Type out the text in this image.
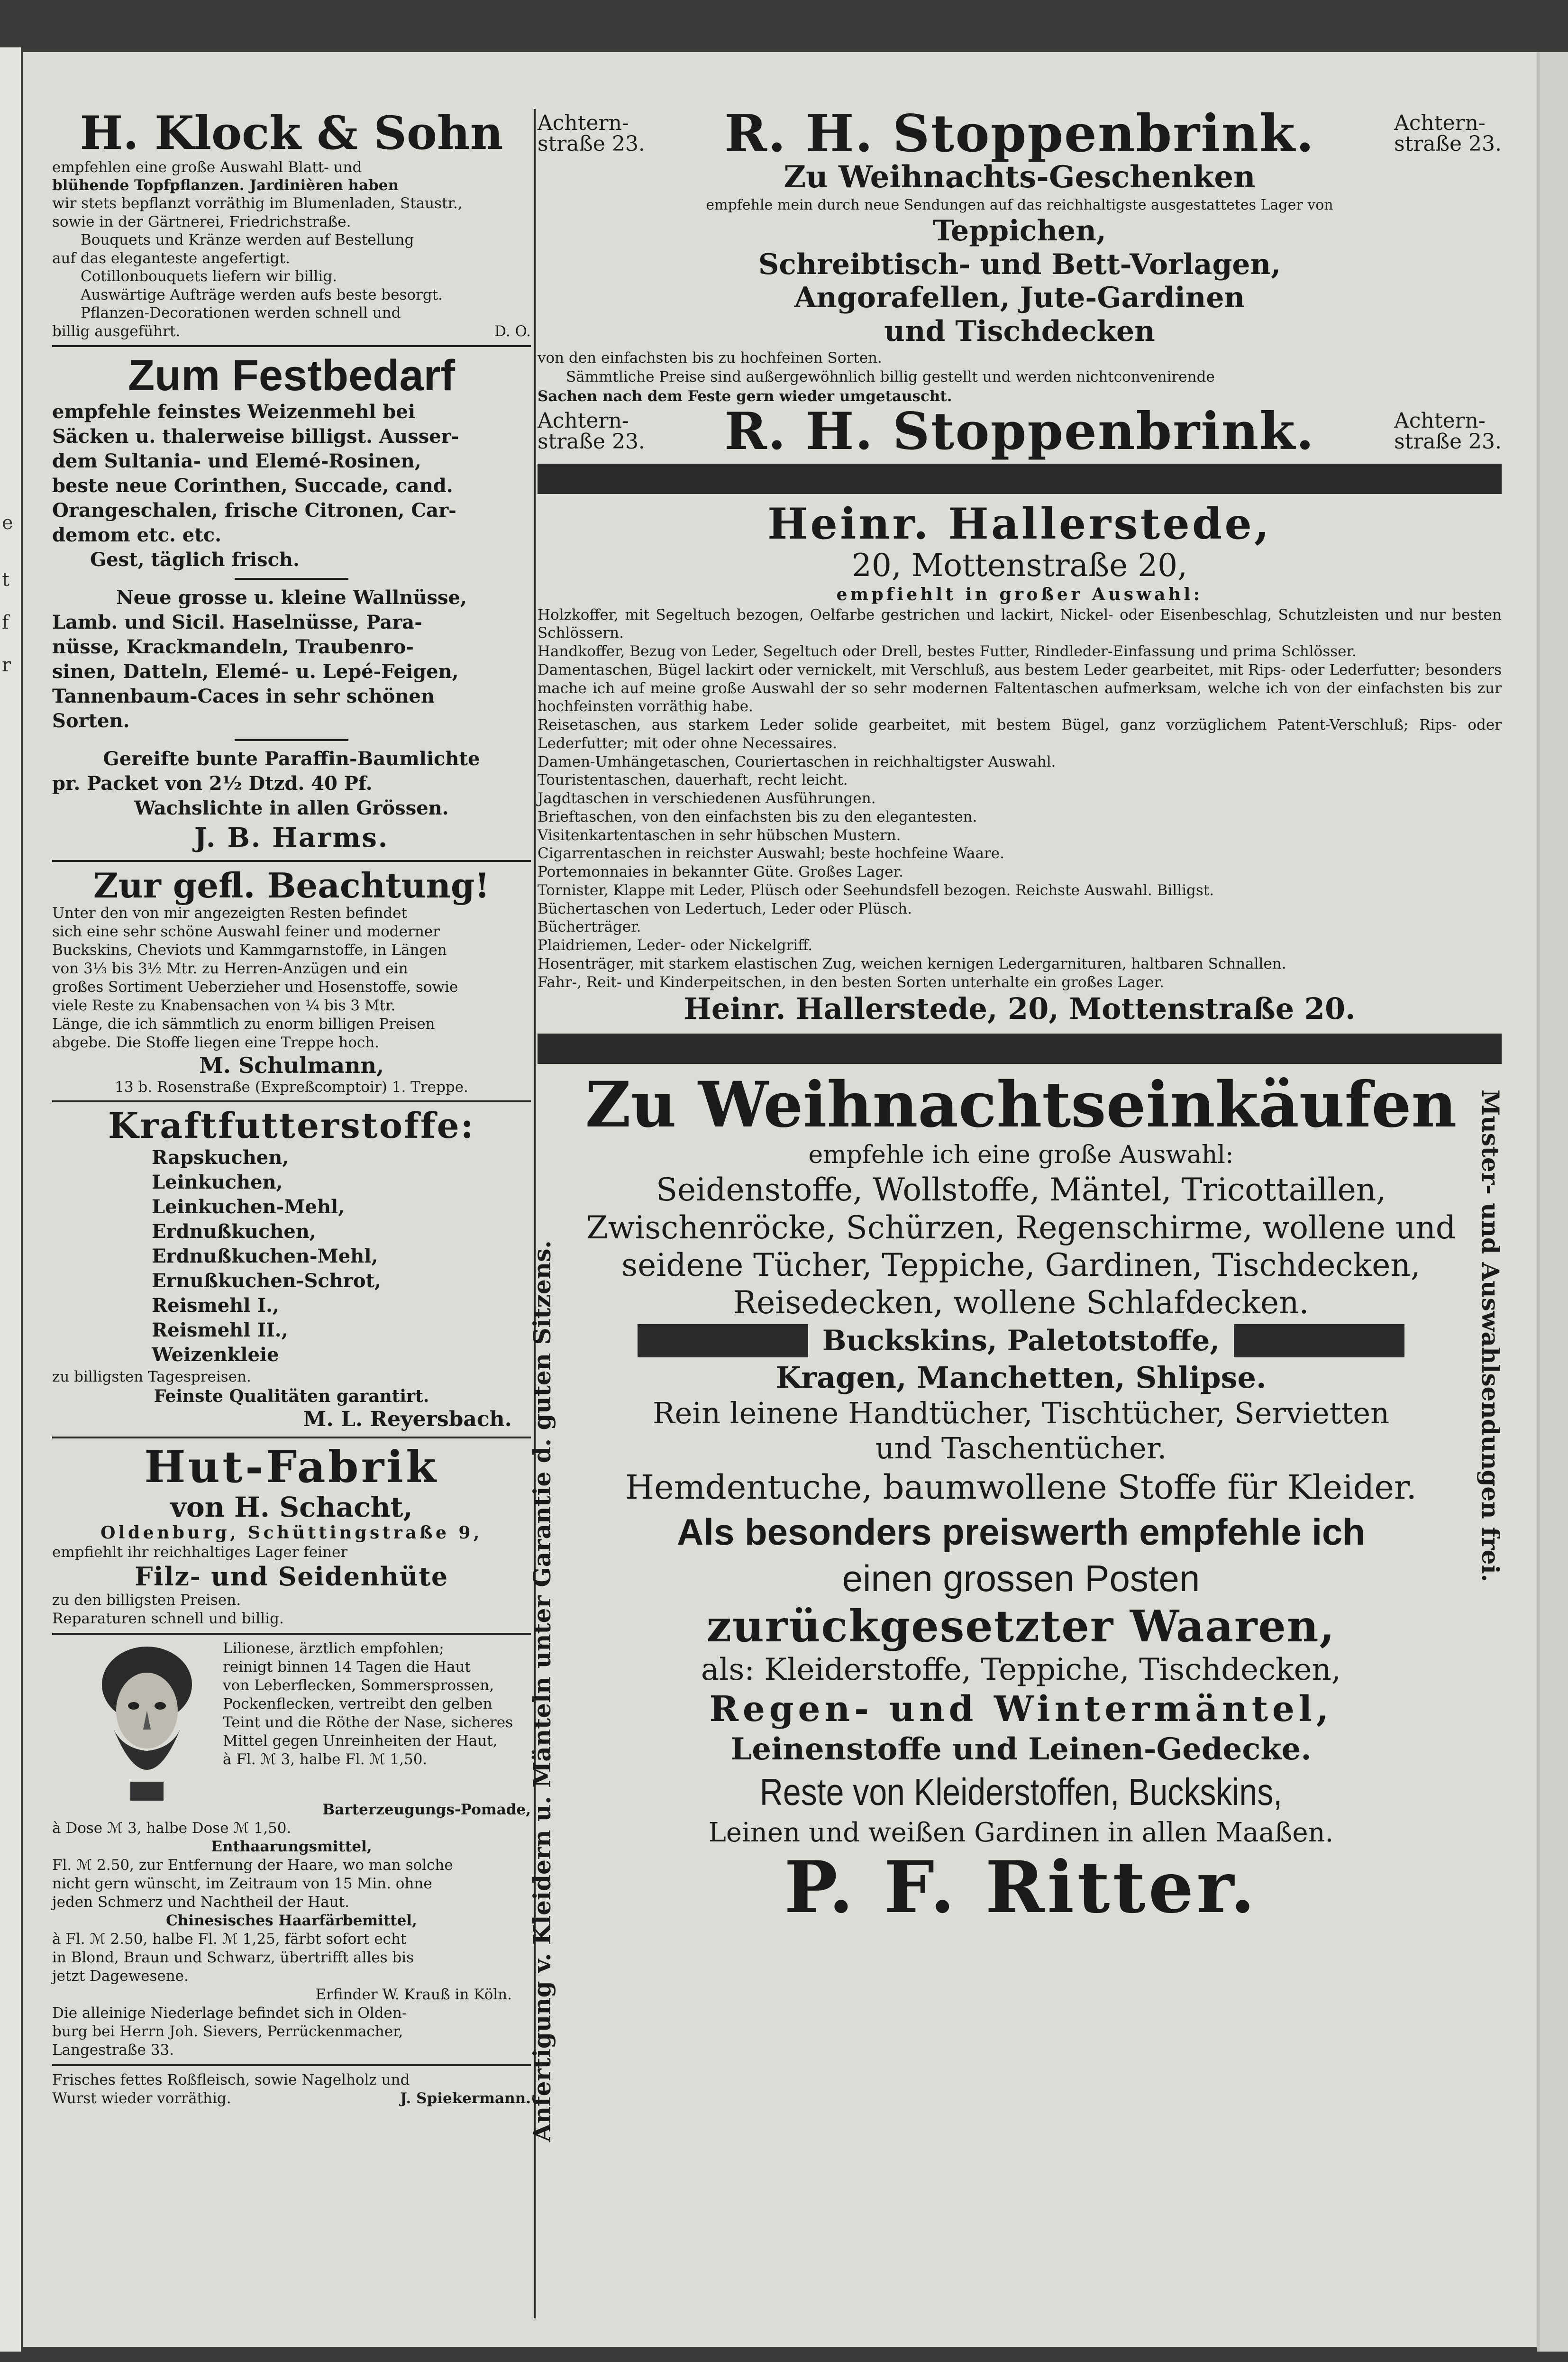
e
t
f
r
H. Klock & Sohn

empfehlen eine große Auswahl Blatt- und

blühende Topfpflanzen. Jardinièren haben

wir stets bepflanzt vorräthig im Blumenladen, Staustr.,

sowie in der Gärtnerei, Friedrichstraße.

Bouquets und Kränze werden auf Bestellung

auf das eleganteste angefertigt.

Cotillonbouquets liefern wir billig.

Auswärtige Aufträge werden aufs beste besorgt.

Pflanzen-Decorationen werden schnell und

billig ausgeführt.	D. O.
Zum Festbedarf

empfehle feinstes Weizenmehl bei

Säcken u. thalerweise billigst. Ausser-

dem Sultania- und Elemé-Rosinen,

beste neue Corinthen, Succade, cand.

Orangeschalen, frische Citronen, Car-

demom etc. etc.

Gest, täglich frisch.

Neue grosse u. kleine Wallnüsse,

Lamb. und Sicil. Haselnüsse, Para-

nüsse, Krackmandeln, Traubenro-

sinen, Datteln, Elemé- u. Lepé-Feigen,

Tannenbaum-Caces in sehr schönen

Sorten.

Gereifte bunte Paraffin-Baumlichte

pr. Packet von 2½ Dtzd. 40 Pf.

Wachslichte in allen Grössen.

J. B. Harms.

Zur gefl. Beachtung!

Unter den von mir angezeigten Resten befindet

sich eine sehr schöne Auswahl feiner und moderner

Buckskins, Cheviots und Kammgarnstoffe, in Längen

von 3⅓ bis 3½ Mtr. zu Herren-Anzügen und ein

großes Sortiment Ueberzieher und Hosenstoffe, sowie

viele Reste zu Knabensachen von ¼ bis 3 Mtr.

Länge, die ich sämmtlich zu enorm billigen Preisen

abgebe. Die Stoffe liegen eine Treppe hoch.

M. Schulmann,

13 b. Rosenstraße (Expreßcomptoir) 1. Treppe.

Kraftfutterstoffe:

Rapskuchen,

Leinkuchen,

Leinkuchen-Mehl,

Erdnußkuchen,

Erdnußkuchen-Mehl,

Ernußkuchen-Schrot,

Reismehl I.,

Reismehl II.,

Weizenkleie

zu billigsten Tagespreisen.

Feinste Qualitäten garantirt.

M. L. Reyersbach.

Hut-Fabrik

von H. Schacht,

Oldenburg, Schüttingstraße 9,

empfiehlt ihr reichhaltiges Lager feiner

Filz- und Seidenhüte

zu den billigsten Preisen.

Reparaturen schnell und billig.

Lilionese, ärztlich empfohlen;

reinigt binnen 14 Tagen die Haut

von Leberflecken, Sommersprossen,

Pockenflecken, vertreibt den gelben

Teint und die Röthe der Nase, sicheres

Mittel gegen Unreinheiten der Haut,

à Fl. ℳ 3, halbe Fl. ℳ 1,50.

Barterzeugungs-Pomade,

à Dose ℳ 3, halbe Dose ℳ 1,50.

Enthaarungsmittel,

Fl. ℳ 2.50, zur Entfernung der Haare, wo man solche

nicht gern wünscht, im Zeitraum von 15 Min. ohne

jeden Schmerz und Nachtheil der Haut.

Chinesisches Haarfärbemittel,

à Fl. ℳ 2.50, halbe Fl. ℳ 1,25, färbt sofort echt

in Blond, Braun und Schwarz, übertrifft alles bis

jetzt Dagewesene.

Erfinder W. Krauß in Köln.

Die alleinige Niederlage befindet sich in Olden-

burg bei Herrn Joh. Sievers, Perrückenmacher,

Langestraße 33.

Frisches fettes Roßfleisch, sowie Nagelholz und

Wurst wieder vorräthig.	J. Spiekermann.

Achtern-

straße 23. R. H. Stoppenbrink.	Achtern-

straße 23.

Zu Weihnachts-Geschenken

empfehle mein durch neue Sendungen auf das reichhaltigste ausgestattetes Lager von

Teppichen,

Schreibtisch- und Bett-Vorlagen,

Angorafellen, Jute-Gardinen

und Tischdecken

von den einfachsten bis zu hochfeinen Sorten.

Sämmtliche Preise sind außergewöhnlich billig gestellt und werden nichtconvenirende

Sachen nach dem Feste gern wieder umgetauscht.

Achtern-

straße 23. R. H. Stoppenbrink.	Achtern-

straße 23.

Heinr. Hallerstede,

20, Mottenstraße 20,

empfiehlt in großer Auswahl:

Holzkoffer, mit Segeltuch bezogen, Oelfarbe gestrichen und lackirt, Nickel- oder Eisenbeschlag, Schutzleisten und nur besten Schlössern.

Handkoffer, Bezug von Leder, Segeltuch oder Drell, bestes Futter, Rindleder-Einfassung und prima Schlösser.

Damentaschen, Bügel lackirt oder vernickelt, mit Verschluß, aus bestem Leder gearbeitet, mit Rips- oder Lederfutter; besonders mache ich auf meine große Auswahl der so sehr modernen Faltentaschen aufmerksam, welche ich von der einfachsten bis zur hochfeinsten vorräthig habe.

Reisetaschen, aus starkem Leder solide gearbeitet, mit bestem Bügel, ganz vorzüglichem Patent-Verschluß; Rips- oder Lederfutter; mit oder ohne Necessaires.

Damen-Umhängetaschen, Couriertaschen in reichhaltigster Auswahl.

Touristentaschen, dauerhaft, recht leicht.

Jagdtaschen in verschiedenen Ausführungen.

Brieftaschen, von den einfachsten bis zu den elegantesten.

Visitenkartentaschen in sehr hübschen Mustern.

Cigarrentaschen in reichster Auswahl; beste hochfeine Waare.

Portemonnaies in bekannter Güte. Großes Lager.

Tornister, Klappe mit Leder, Plüsch oder Seehundsfell bezogen. Reichste Auswahl. Billigst.

Büchertaschen von Ledertuch, Leder oder Plüsch.

Bücherträger.

Plaidriemen, Leder- oder Nickelgriff.

Hosenträger, mit starkem elastischen Zug, weichen kernigen Ledergarnituren, haltbaren Schnallen.

Fahr-, Reit- und Kinderpeitschen, in den besten Sorten unterhalte ein großes Lager.

Heinr. Hallerstede, 20, Mottenstraße 20.

Anfertigung v. Kleidern u. Mänteln unter Garantie d. guten Sitzens.	Muster- und Auswahlsendungen frei.

Zu Weihnachtseinkäufen

empfehle ich eine große Auswahl:

Seidenstoffe, Wollstoffe, Mäntel, Tricottaillen,

Zwischenröcke, Schürzen, Regenschirme, wollene und

seidene Tücher, Teppiche, Gardinen, Tischdecken,

Reisedecken, wollene Schlafdecken.

Buckskins, Paletotstoffe,

Kragen, Manchetten, Shlipse.

Rein leinene Handtücher, Tischtücher, Servietten

und Taschentücher.

Hemdentuche, baumwollene Stoffe für Kleider.

Als besonders preiswerth empfehle ich

einen grossen Posten

zurückgesetzter Waaren,

als: Kleiderstoffe, Teppiche, Tischdecken,

Regen- und Wintermäntel,

Leinenstoffe und Leinen-Gedecke.

Reste von Kleiderstoffen, Buckskins,

Leinen und weißen Gardinen in allen Maaßen.

P. F. Ritter.
